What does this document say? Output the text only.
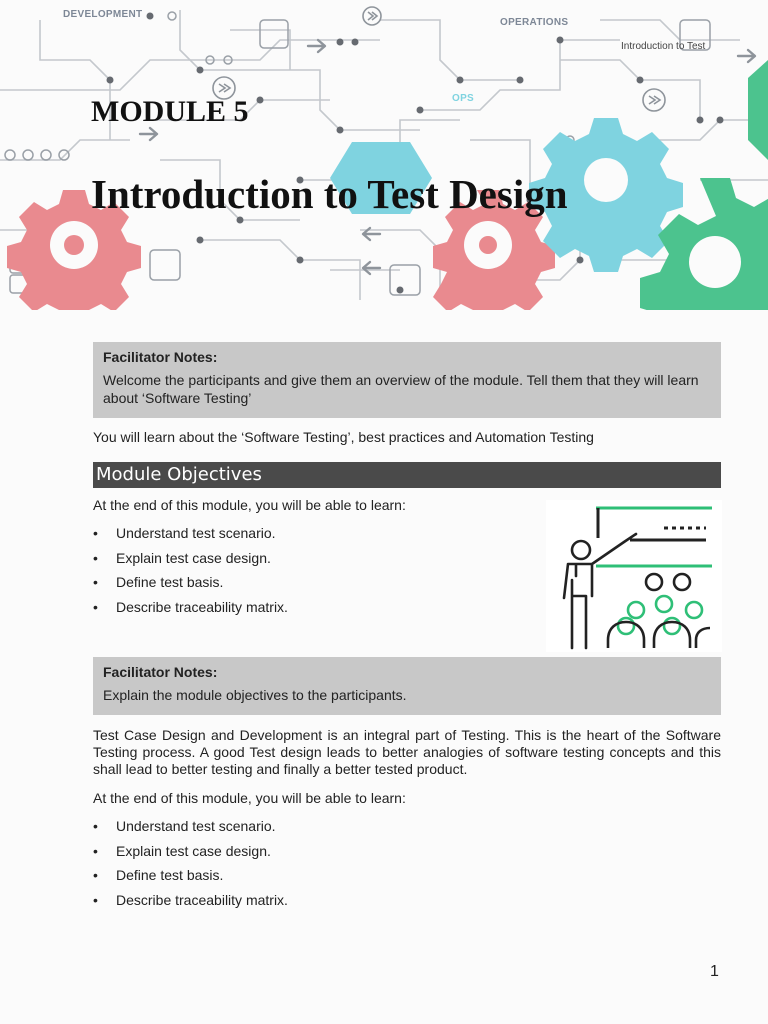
DEVELOPMENT
OPERATIONS
OPS
Introduction to Test
MODULE 5
Introduction to Test Design
Facilitator Notes:
Welcome the participants and give them an overview of the module. Tell them that they will learn about ‘Software Testing’
You will learn about the ‘Software Testing’, best practices and Automation Testing
Module Objectives
At the end of this module, you will be able to learn:
• Understand test scenario.
• Explain test case design.
• Define test basis.
• Describe traceability matrix.
Facilitator Notes:
Explain the module objectives to the participants.
Test Case Design and Development is an integral part of Testing. This is the heart of the Software Testing process. A good Test design leads to better analogies of software testing concepts and this shall lead to better testing and finally a better tested product.
At the end of this module, you will be able to learn:
• Understand test scenario.
• Explain test case design.
• Define test basis.
• Describe traceability matrix.
1
